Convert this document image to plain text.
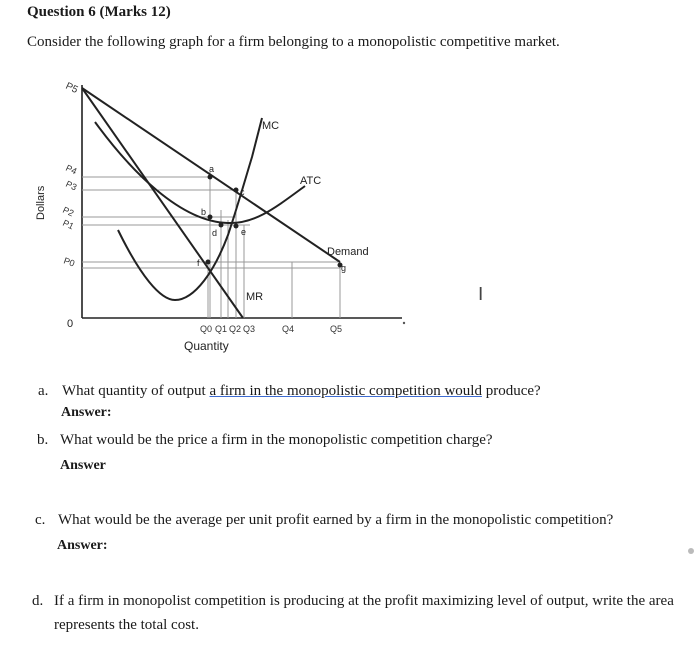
Question 6 (Marks 12)
Consider the following graph for a firm belonging to a monopolistic competitive market.
Dollars
Quantity
0
P5
P4
P3
P2
P1
P0
Q0 Q1 Q2 Q3	Q4	Q5
MC
ATC
Demand
MR
a
b
c
d	e
f	g
I
a. What quantity of output a firm in the monopolistic competition would produce?
Answer:
b. What would be the price a firm in the monopolistic competition charge?
Answer
c. What would be the average per unit profit earned by a firm in the monopolistic competition?
Answer:
d. If a firm in monopolist competition is producing at the profit maximizing level of output, write the area
represents the total cost.
